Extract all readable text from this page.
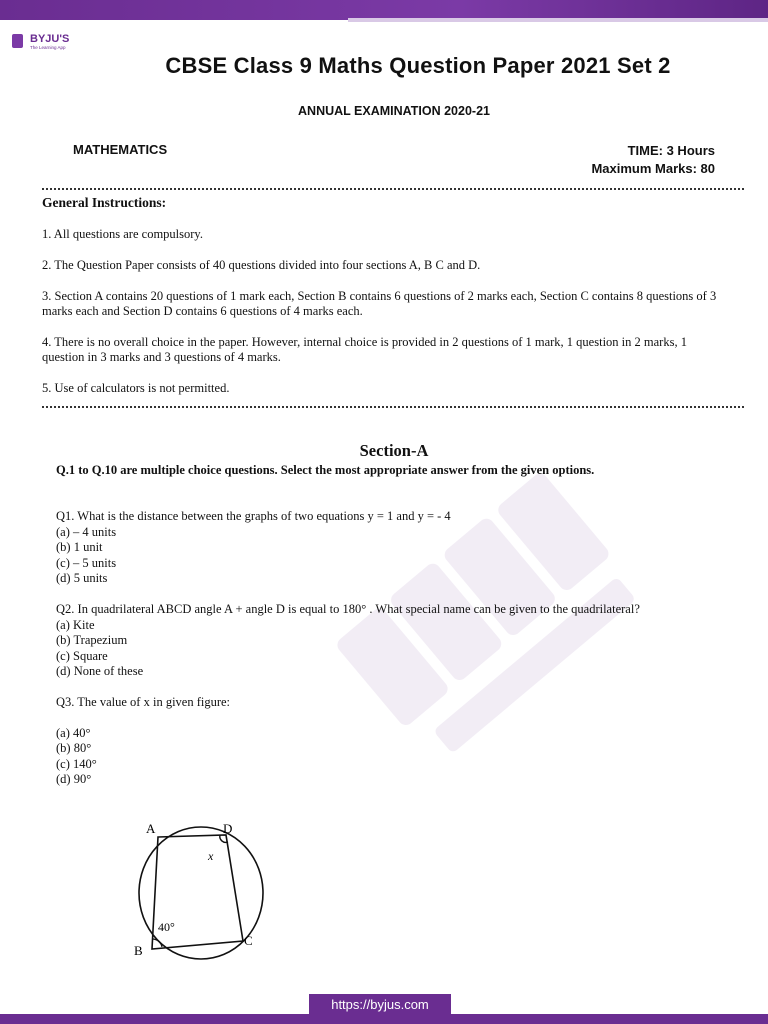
BYJU'S
The Learning App
CBSE Class 9 Maths Question Paper 2021 Set 2
ANNUAL EXAMINATION 2020-21
MATHEMATICS	TIME: 3 Hours
Maximum Marks: 80
General Instructions:
1. All questions are compulsory.
2. The Question Paper consists of 40 questions divided into four sections A, B C and D.
3. Section A contains 20 questions of 1 mark each, Section B contains 6 questions of 2 marks each, Section C contains 8 questions of 3 marks each and Section D contains 6 questions of 4 marks each.
4. There is no overall choice in the paper. However, internal choice is provided in 2 questions of 1 mark, 1 question in 2 marks, 1 question in 3 marks and 3 questions of 4 marks.
5. Use of calculators is not permitted.
Section-A
Q.1 to Q.10 are multiple choice questions. Select the most appropriate answer from the given options.
Q1. What is the distance between the graphs of two equations y = 1 and y = - 4
(a) – 4 units
(b) 1 unit
(c) – 5 units
(d) 5 units
Q2. In quadrilateral ABCD angle A + angle D is equal to 180° . What special name can be given to the quadrilateral?
(a) Kite
(b) Trapezium
(c) Square
(d) None of these
Q3. The value of x in given figure:
(a) 40°
(b) 80°
(c) 140°
(d) 90°
A	D
x
40°
B
C
https://byjus.com
